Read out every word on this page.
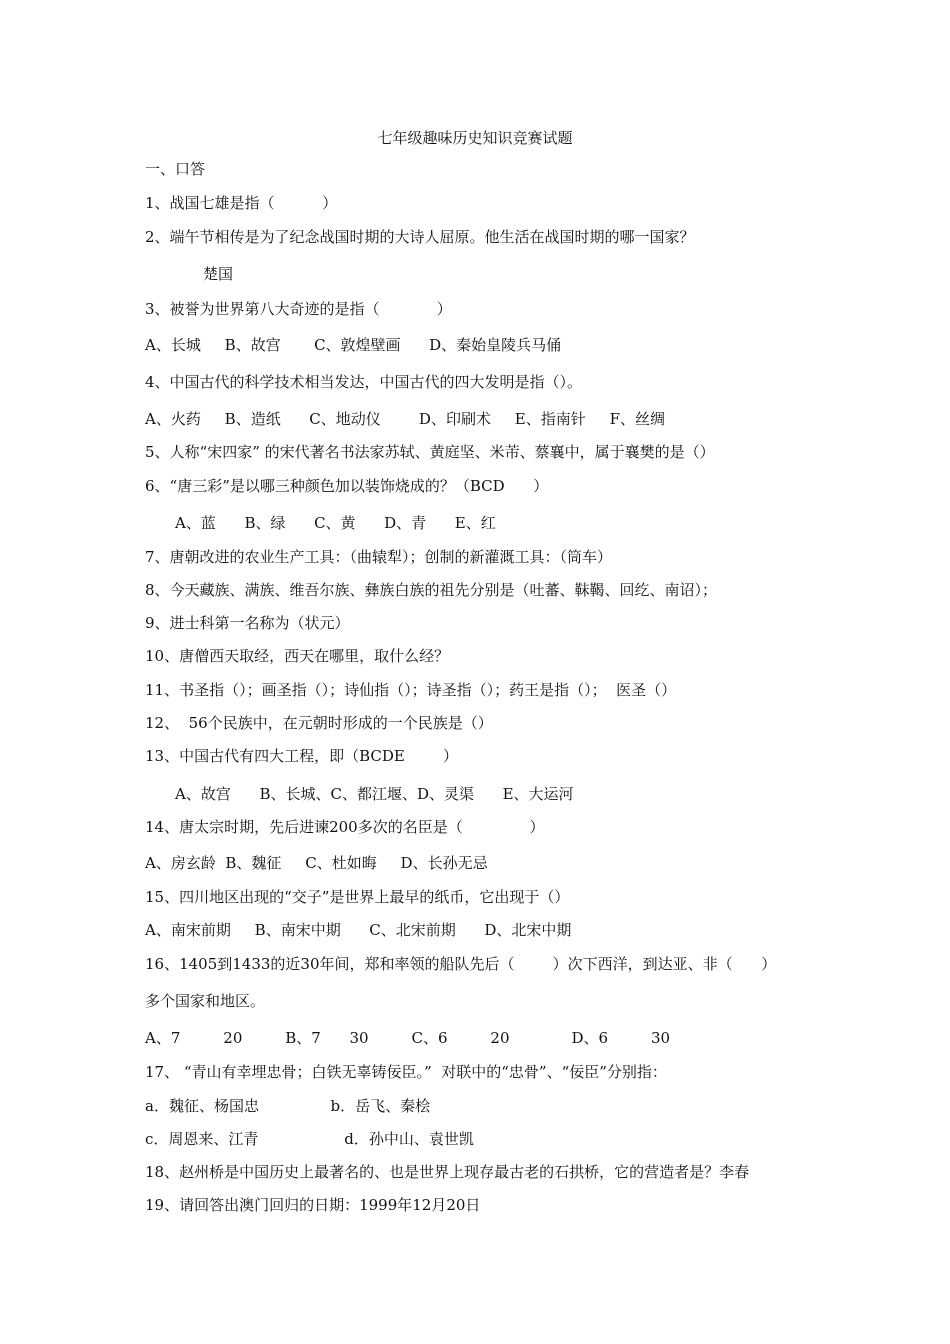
七年级趣味历史知识竞赛试题
一、口答
1、战国七雄是指（          ）
2、端午节相传是为了纪念战国时期的大诗人屈原。他生活在战国时期的哪一国家？
楚国
3、被誉为世界第八大奇迹的是指（            ）
A、长城     B、故宫       C、敦煌壁画      D、秦始皇陵兵马俑
4、中国古代的科学技术相当发达，中国古代的四大发明是指（）。
A、火药     B、造纸      C、地动仪        D、印刷术     E、指南针     F、丝绸
5、人称“宋四家” 的宋代著名书法家苏轼、黄庭坚、米芾、蔡襄中，属于襄樊的是（）
6、“唐三彩”是以哪三种颜色加以装饰烧成的？（BCD      ）
A、蓝      B、绿      C、黄      D、青      E、红
7、唐朝改进的农业生产工具：（曲辕犁）；创制的新灌溉工具：（筒车）
8、今天藏族、满族、维吾尔族、彝族白族的祖先分别是（吐蕃、靺鞨、回纥、南诏）；
9、进士科第一名称为（状元）
10、唐僧西天取经，西天在哪里，取什么经？
11、书圣指（）；画圣指（）；诗仙指（）；诗圣指（）；药王是指（）；  医圣（）
12、  56个民族中，在元朝时形成的一个民族是（）
13、中国古代有四大工程，即（BCDE        ）
A、故宫      B、长城、C、都江堰、D、灵渠      E、大运河
14、唐太宗时期，先后进谏200多次的名臣是（              ）
A、房玄龄  B、魏征     C、杜如晦     D、长孙无忌
15、四川地区出现的“交子”是世界上最早的纸币，它出现于（）
A、南宋前期     B、南宋中期      C、北宋前期      D、北宋中期
16、1405到1433的近30年间，郑和率领的船队先后（        ）次下西洋，到达亚、非（      ）
多个国家和地区。
A、7         20         B、7      30         C、6         20             D、6         30
17、 “青山有幸埋忠骨；白铁无辜铸佞臣。”  对联中的“忠骨”、“佞臣”分别指：
a．魏征、杨国忠               b．岳飞、秦桧
c．周恩来、江青                  d．孙中山、袁世凯
18、赵州桥是中国历史上最著名的、也是世界上现存最古老的石拱桥，它的营造者是？李春
19、请回答出澳门回归的日期：1999年12月20日
